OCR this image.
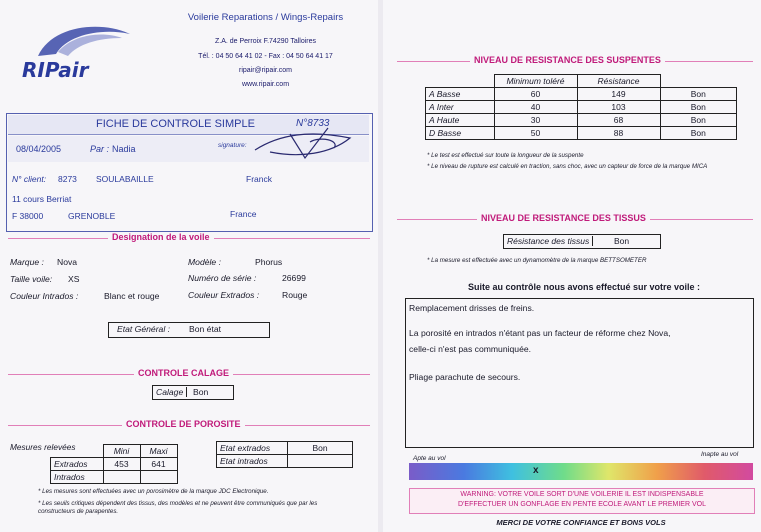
RIPair
Voilerie Reparations / Wings-Repairs
Z.A. de Perroix F.74290 Talloires
Tél. : 04 50 64 41 02 - Fax : 04 50 64 41 17
ripair@ripair.com
www.ripair.com
FICHE DE CONTROLE SIMPLE	N°8733
08/04/2005	Par : Nadia	signature:
N° client: 8273 SOULABAILLE	Franck
11 cours Berriat
F 38000	GRENOBLE	France
Designation de la voile
Marque : Nova	Modèle :	Phorus
Taille voile: XS	Numéro de série :	26699
Couleur Intrados :	Blanc et rouge	Couleur Extrados :	Rouge
Etat Général : Bon état
CONTROLE CALAGE
Calage	Bon
CONTROLE DE POROSITE
Mesures relevées
		Mini	Maxi
Extrados	453	641
Intrados		
Etat extrados	Bon
Etat intrados	
* Les mesures sont effectuées avec un porosimètre de la marque JDC Electronique.
* Les seuils critiques dépendent des tissus, des modèles et ne peuvent être communiqués que par les constructeurs de parapentes.
NIVEAU DE RESISTANCE DES SUSPENTES
	Minimum toléré	Résistance	
A Basse	60	149	Bon
A Inter	40	103	Bon
A Haute	30	68	Bon
D Basse	50	88	Bon
* Le test est effectué sur toute la longueur de la suspente
* Le niveau de rupture est calculé en traction, sans choc, avec un capteur de force de la marque MICA
NIVEAU DE RESISTANCE DES TISSUS
Résistance des tissus	Bon
* La mesure est effectuée avec un dynamomètre de la marque BETTSOMETER
Suite au contrôle nous avons effectué sur votre voile :
Remplacement drisses de freins.
La porosité en intrados n'étant pas un facteur de réforme chez Nova,
celle-ci n'est pas communiquée.
Pliage parachute de secours.
Apte au vol
Inapte au vol
x
WARNING: VOTRE VOILE SORT D'UNE VOILERIE IL EST INDISPENSABLE
D'EFFECTUER UN GONFLAGE EN PENTE ECOLE AVANT LE PREMIER VOL
MERCI DE VOTRE CONFIANCE ET BONS VOLS
